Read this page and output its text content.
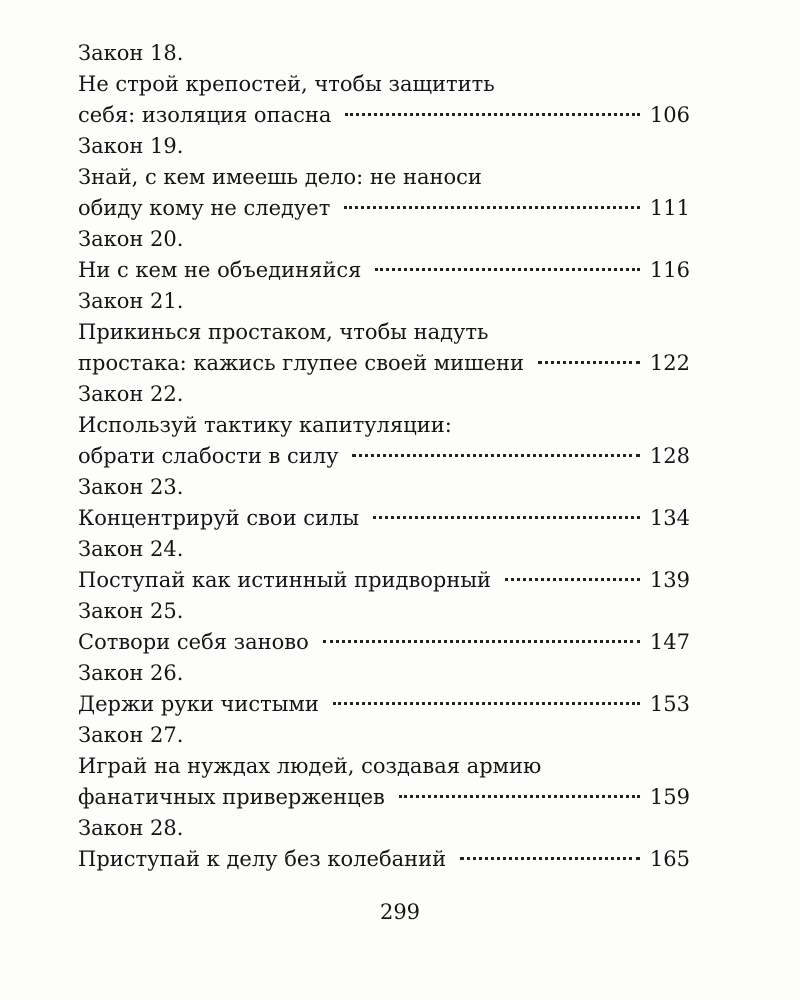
Закон 18.
Не строй крепостей, чтобы защитить
себя: изоляция опасна	106
Закон 19.
Знай, с кем имеешь дело: не наноси
обиду кому не следует	111
Закон 20.
Ни с кем не объединяйся	116
Закон 21.
Прикинься простаком, чтобы надуть
простака: кажись глупее своей мишени	122
Закон 22.
Используй тактику капитуляции:
обрати слабости в силу	128
Закон 23.
Концентрируй свои силы	134
Закон 24.
Поступай как истинный придворный	139
Закон 25.
Сотвори себя заново	147
Закон 26.
Держи руки чистыми	153
Закон 27.
Играй на нуждах людей, создавая армию
фанатичных приверженцев	159
Закон 28.
Приступай к делу без колебаний	165
299
